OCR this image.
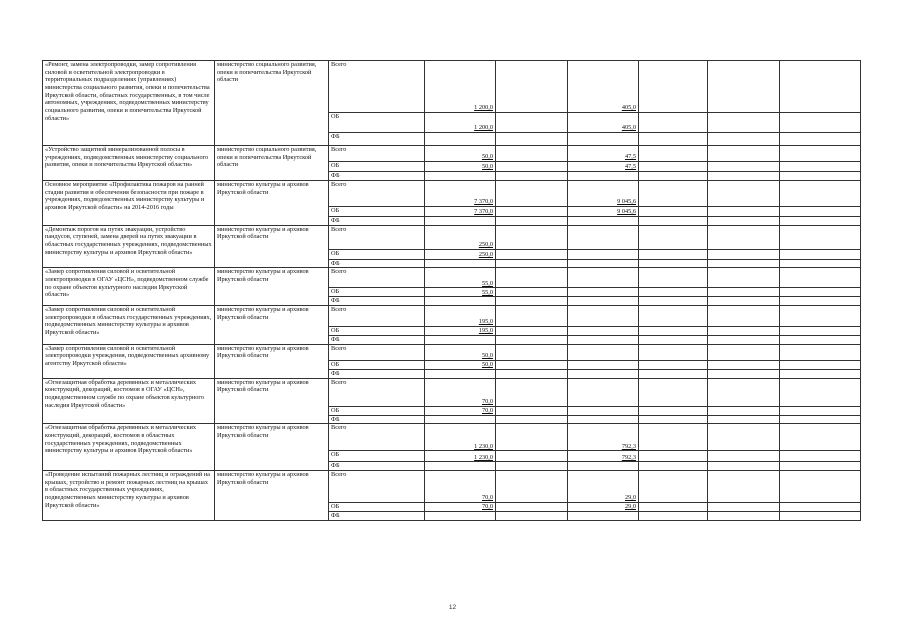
«Ремонт, замена электропроводки, замер сопротивления силовой и осветительной электропроводки в территориальных подразделениях (управлениях) министерства социального развития, опеки и попечительства Иркутской области, областных государственных, в том числе автономных, учреждениях, подведомственных министерству социального развития, опеки и попечительства Иркутской области»	министерство социального развития, опеки и попечительства Иркутской области	Всего	1 200,0		405,0			
		ОБ	1 200,0		405,0			
		ФБ						
«Устройство защитной минерализованной полосы в учреждениях, подведомственных министерству социального развития, опеки и попечительства Иркутской области»	министерство социального развития, опеки и попечительства Иркутской области	Всего	50,0		47,5			
		ОБ	50,0		47,5			
		ФБ						
Основное мероприятие «Профилактика пожаров на ранней стадии развития и обеспечения безопасности при пожаре в учреждениях, подведомственных министерству культуры и архивов Иркутской области» на 2014-2016 годы	министерство культуры и архивов Иркутской области	Всего	7 370,0		9 045,6			
		ОБ	7 370,0		9 045,6			
		ФБ						
«Демонтаж порогов на путях эвакуации, устройство пандусов, ступеней, замена дверей на путях эвакуации в областных государственных учреждениях, подведомственных министерству культуры и архивов Иркутской области»	министерство культуры и архивов Иркутской области	Всего	250,0					
		ОБ	250,0					
		ФБ						
«Замер сопротивления силовой и осветительной электропроводки в ОГАУ «ЦСН», подведомственном службе по охране объектов культурного наследия Иркутской области»	министерство культуры и архивов Иркутской области	Всего	55,0					
		ОБ	55,0					
		ФБ						
«Замер сопротивления силовой и осветительной электропроводки в областных государственных учреждениях, подведомственных министерству культуры и архивов Иркутской области»	министерство культуры и архивов Иркутской области	Всего	195,0					
		ОБ	195,0					
		ФБ						
«Замер сопротивления силовой и осветительной электропроводки учреждения, подведомственных архивному агентству Иркутской области»	министерство культуры и архивов Иркутской области	Всего	50,0					
		ОБ	50,0					
		ФБ						
«Огнезащитная обработка деревянных и металлических конструкций, декораций, костюмов в ОГАУ «ЦСН», подведомственном службе по охране объектов культурного наследия Иркутской области»	министерство культуры и архивов Иркутской области	Всего	70,0					
		ОБ	70,0					
		ФБ						
«Огнезащитная обработка деревянных и металлических конструкций, декораций, костюмов в областных государственных учреждениях, подведомственных министерству культуры и архивов Иркутской области»	министерство культуры и архивов Иркутской области	Всего	1 230,0		792,3			
		ОБ	1 230,0		792,3			
		ФБ						
«Проведение испытаний пожарных лестниц и ограждений на крышах, устройство и ремонт пожарных лестниц на крышах в областных государственных учреждениях, подведомственных министерству культуры и архивов Иркутской области»	министерство культуры и архивов Иркутской области	Всего	70,0		29,0			
		ОБ	70,0		29,0			
		ФБ						
12
